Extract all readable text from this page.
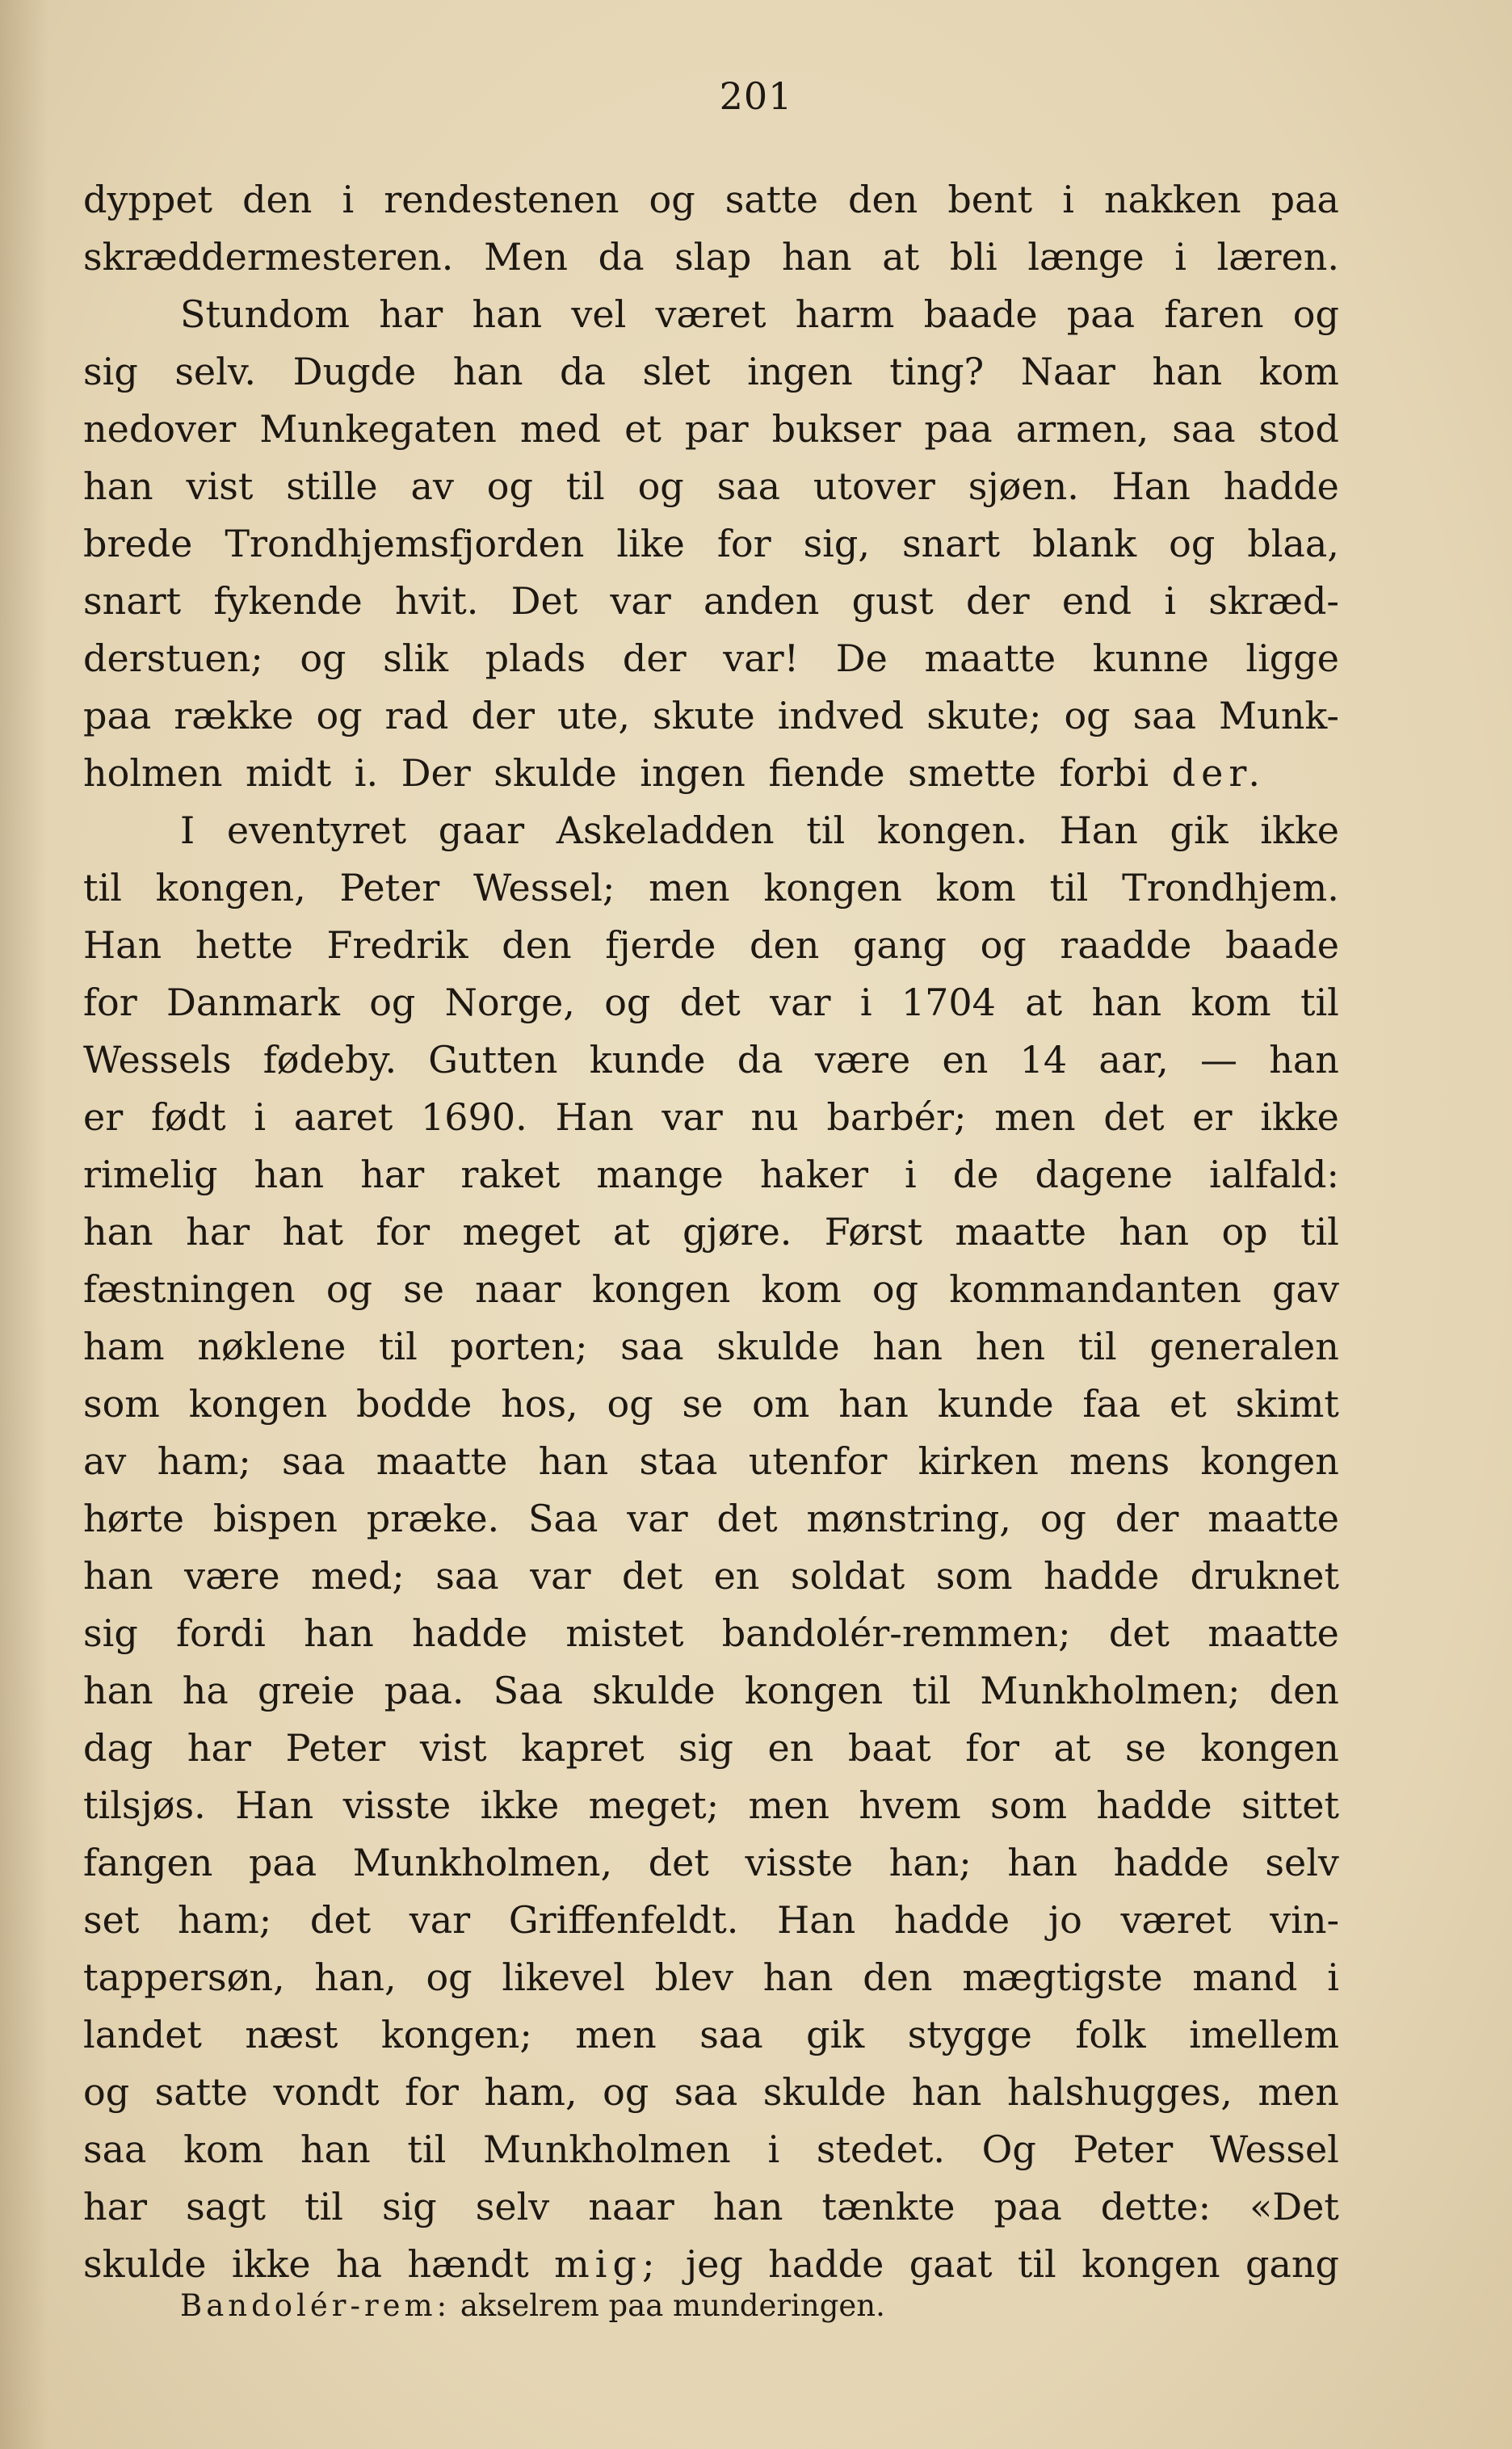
201
dyppet den i rendestenen og satte den bent i nakken paa
skræddermesteren. Men da slap han at bli længe i læren.
Stundom har han vel været harm baade paa faren og
sig selv. Dugde han da slet ingen ting? Naar han kom
nedover Munkegaten med et par bukser paa armen, saa stod
han vist stille av og til og saa utover sjøen. Han hadde
brede Trondhjemsfjorden like for sig, snart blank og blaa,
snart fykende hvit. Det var anden gust der end i skræd-
derstuen; og slik plads der var! De maatte kunne ligge
paa række og rad der ute, skute indved skute; og saa Munk-
holmen midt i. Der skulde ingen fiende smette forbi der.
I eventyret gaar Askeladden til kongen. Han gik ikke
til kongen, Peter Wessel; men kongen kom til Trondhjem.
Han hette Fredrik den fjerde den gang og raadde baade
for Danmark og Norge, og det var i 1704 at han kom til
Wessels fødeby. Gutten kunde da være en 14 aar, — han
er født i aaret 1690. Han var nu barbér; men det er ikke
rimelig han har raket mange haker i de dagene ialfald:
han har hat for meget at gjøre. Først maatte han op til
fæstningen og se naar kongen kom og kommandanten gav
ham nøklene til porten; saa skulde han hen til generalen
som kongen bodde hos, og se om han kunde faa et skimt
av ham; saa maatte han staa utenfor kirken mens kongen
hørte bispen præke. Saa var det mønstring, og der maatte
han være med; saa var det en soldat som hadde druknet
sig fordi han hadde mistet bandolér-remmen; det maatte
han ha greie paa. Saa skulde kongen til Munkholmen; den
dag har Peter vist kapret sig en baat for at se kongen
tilsjøs. Han visste ikke meget; men hvem som hadde sittet
fangen paa Munkholmen, det visste han; han hadde selv
set ham; det var Griffenfeldt. Han hadde jo været vin-
tappersøn, han, og likevel blev han den mægtigste mand i
landet næst kongen; men saa gik stygge folk imellem
og satte vondt for ham, og saa skulde han halshugges, men
saa kom han til Munkholmen i stedet. Og Peter Wessel
har sagt til sig selv naar han tænkte paa dette: «Det
skulde ikke ha hændt mig; jeg hadde gaat til kongen gang
Bandolér-rem: akselrem paa munderingen.
